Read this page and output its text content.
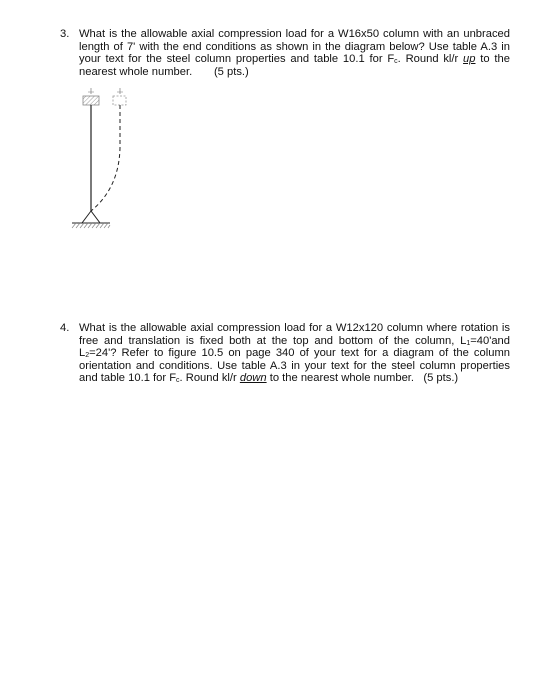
3. What is the allowable axial compression load for a W16x50 column with an unbraced length of 7' with the end conditions as shown in the diagram below? Use table A.3 in your text for the steel column properties and table 10.1 for $F_c$. Round kl/r up to the nearest whole number. (5 pts.)
4. What is the allowable axial compression load for a W12x120 column where rotation is free and translation is fixed both at the top and bottom of the column, $L_1=40'and$ $L_2=24'$? Refer to figure 10.5 on page 340 of your text for a diagram of the column orientation and conditions. Use table A.3 in your text for the steel column properties and table 10.1 for $F_c$. Round kl/r down to the nearest whole number. (5 pts.)
